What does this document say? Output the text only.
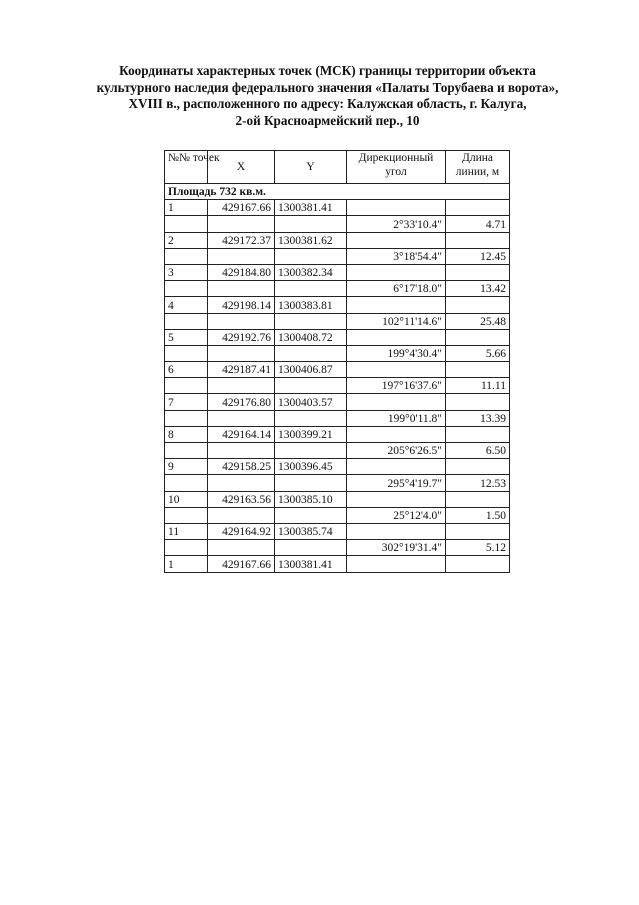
Координаты характерных точек (МСК) границы территории объекта
культурного наследия федерального значения «Палаты Торубаева и ворота»,
XVIII в., расположенного по адресу: Калужская область, г. Калуга,
2-ой Красноармейский пер., 10
№№ точек	X	Y	Дирекционный угол	Длина линии, м
Площадь 732 кв.м.				
1	429167.66	1300381.41		
			2°33'10.4"	4.71
2	429172.37	1300381.62		
			3°18'54.4"	12.45
3	429184.80	1300382.34		
			6°17'18.0"	13.42
4	429198.14	1300383.81		
			102°11'14.6"	25.48
5	429192.76	1300408.72		
			199°4'30.4"	5.66
6	429187.41	1300406.87		
			197°16'37.6"	11.11
7	429176.80	1300403.57		
			199°0'11.8"	13.39
8	429164.14	1300399.21		
			205°6'26.5"	6.50
9	429158.25	1300396.45		
			295°4'19.7"	12.53
10	429163.56	1300385.10		
			25°12'4.0"	1.50
11	429164.92	1300385.74		
			302°19'31.4"	5.12
1	429167.66	1300381.41		
